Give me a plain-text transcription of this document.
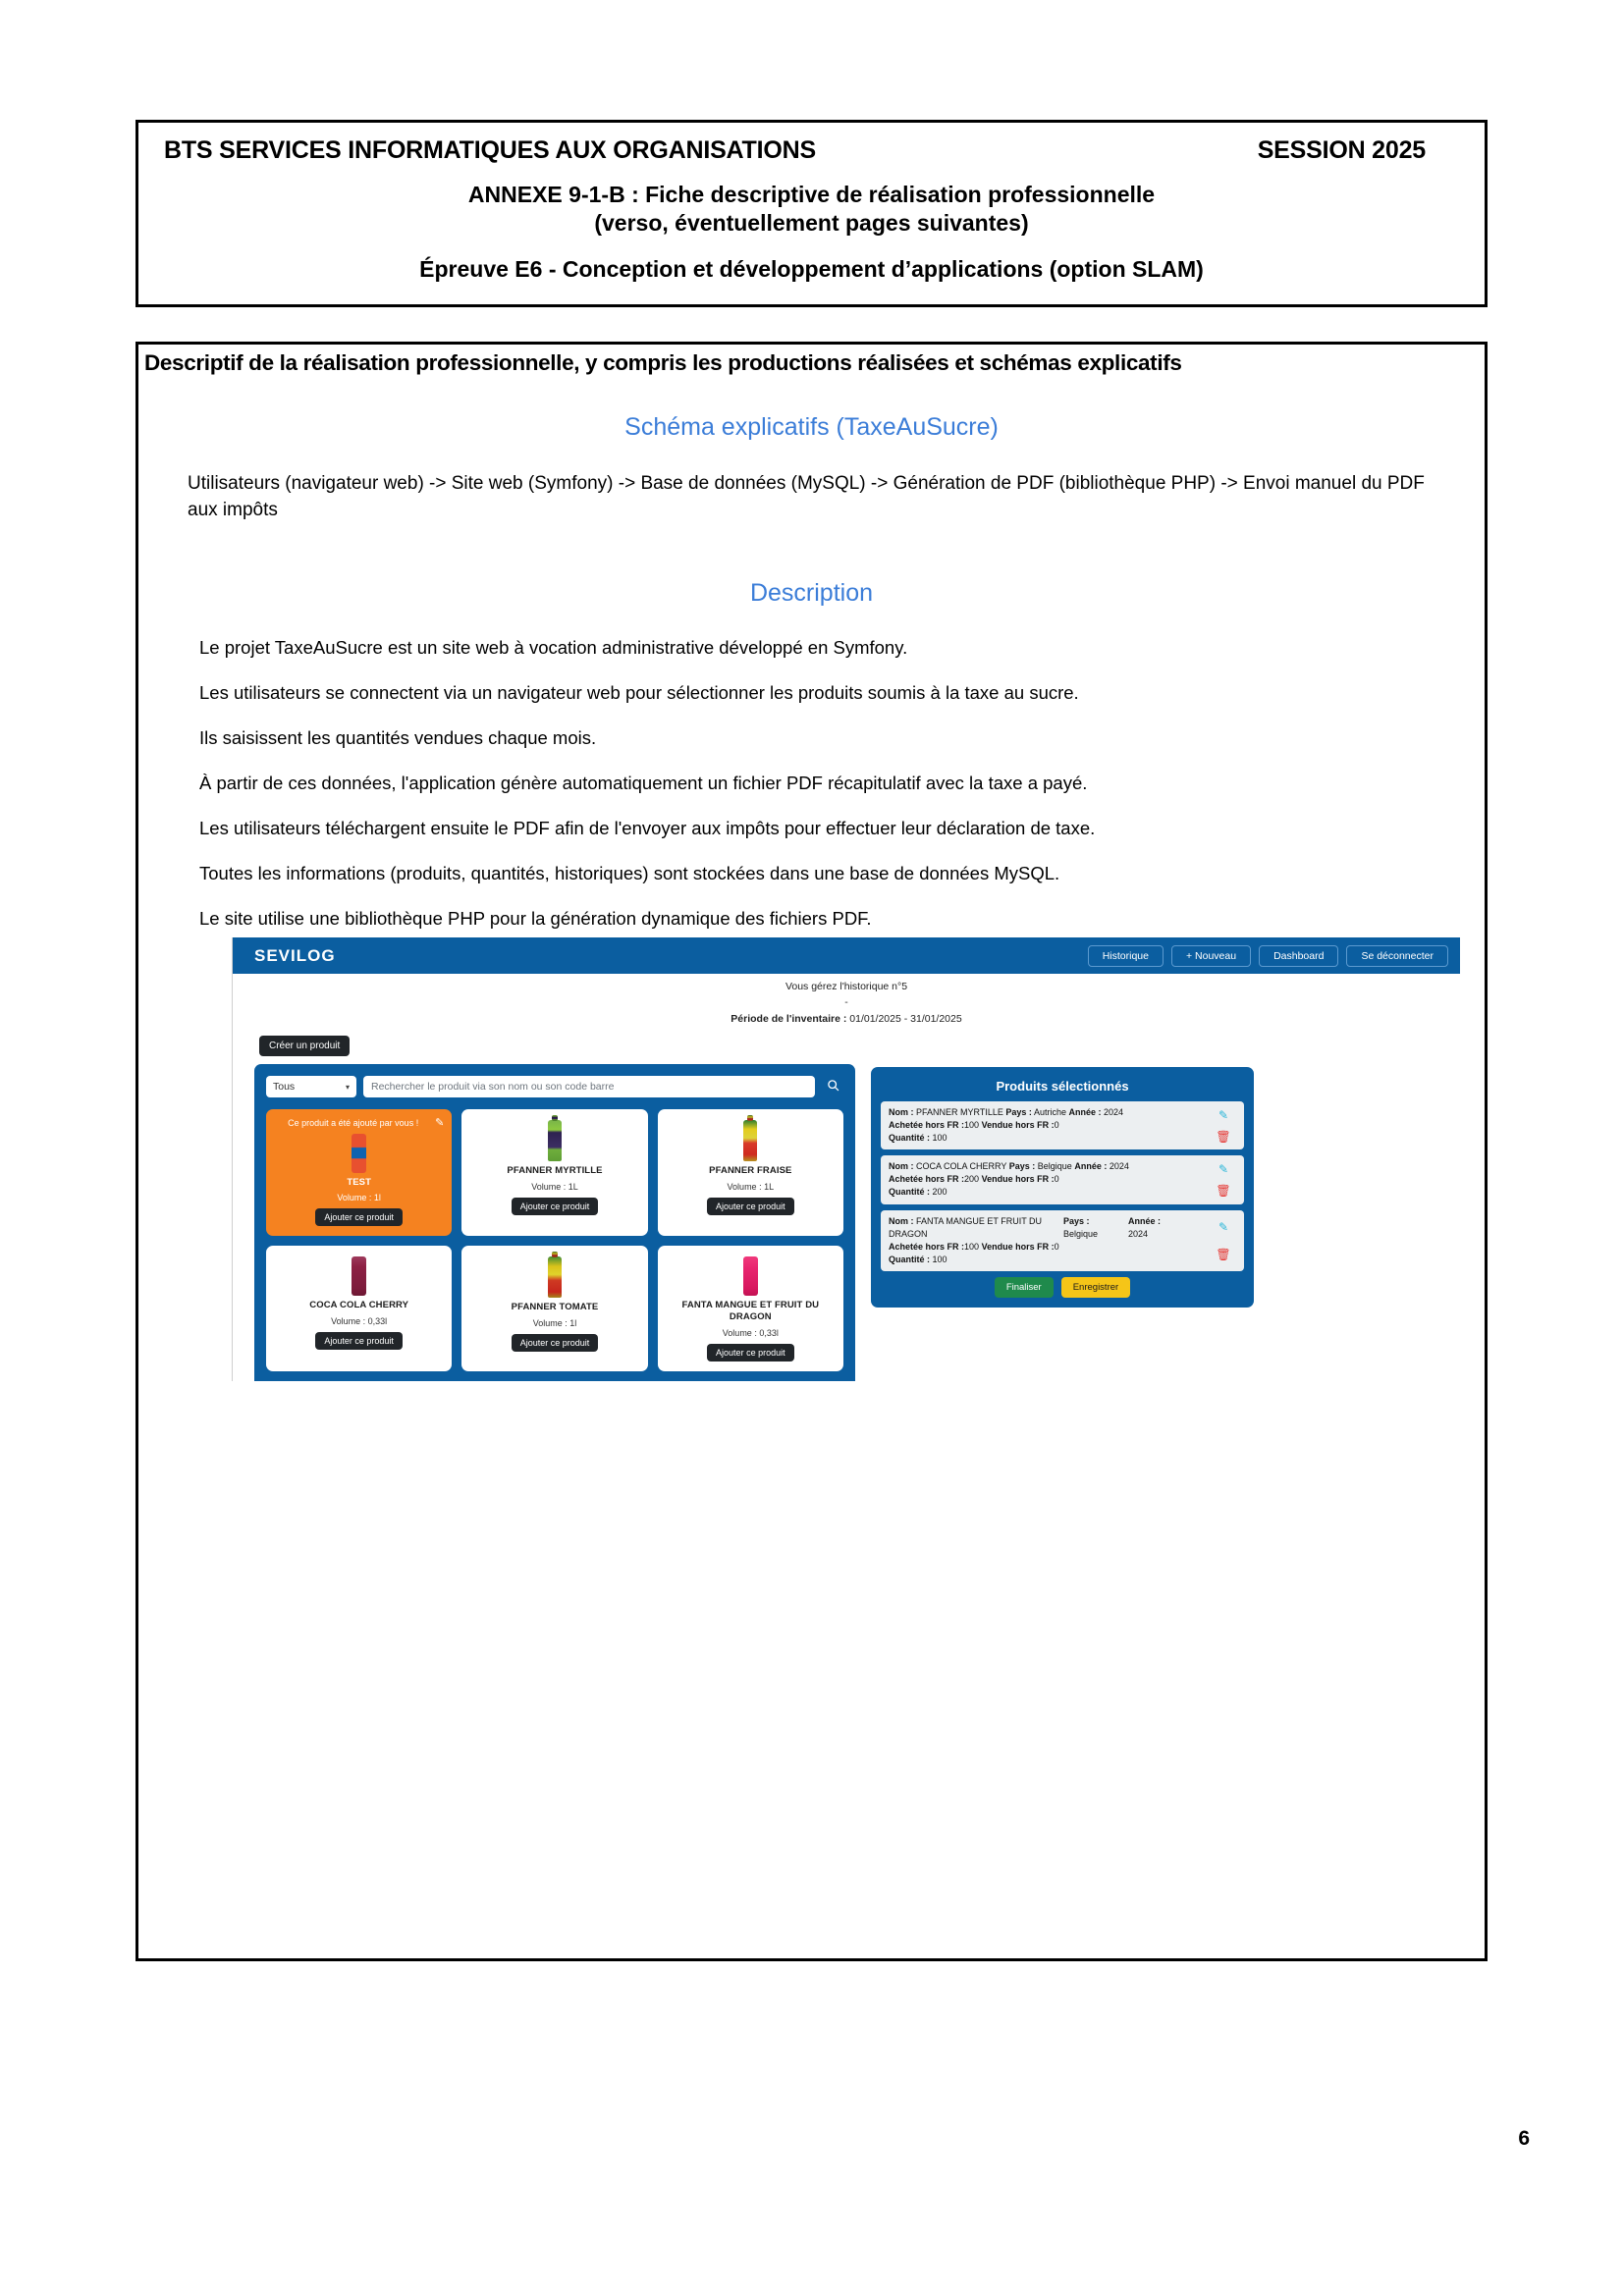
BTS SERVICES INFORMATIQUES AUX ORGANISATIONS	SESSION 2025
ANNEXE 9-1-B : Fiche descriptive de réalisation professionnelle
(verso, éventuellement pages suivantes)
Épreuve E6 - Conception et développement d’applications (option SLAM)
Descriptif de la réalisation professionnelle, y compris les productions réalisées et schémas explicatifs
Schéma explicatifs (TaxeAuSucre)
Utilisateurs (navigateur web) -> Site web (Symfony) -> Base de données (MySQL) -> Génération de PDF (bibliothèque PHP) -> Envoi manuel du PDF aux impôts
Description
Le projet TaxeAuSucre est un site web à vocation administrative développé en Symfony.
Les utilisateurs se connectent via un navigateur web pour sélectionner les produits soumis à la taxe au sucre.
Ils saisissent les quantités vendues chaque mois.
À partir de ces données, l'application génère automatiquement un fichier PDF récapitulatif avec la taxe a payé.
Les utilisateurs téléchargent ensuite le PDF afin de l'envoyer aux impôts pour effectuer leur déclaration de taxe.
Toutes les informations (produits, quantités, historiques) sont stockées dans une base de données MySQL.
Le site utilise une bibliothèque PHP pour la génération dynamique des fichiers PDF.
SEVILOG	Historique	+ Nouveau	Dashboard	Se déconnecter
Vous gérez l'historique n°5
-
Période de l'inventaire : 01/01/2025 - 31/01/2025
Créer un produit
Tous	▾	Rechercher le produit via son nom ou son code barre
✎
Ce produit a été ajouté par vous !
TEST
Volume : 1l
Ajouter ce produit
PFANNER MYRTILLE
Volume : 1L
Ajouter ce produit
PFANNER FRAISE
Volume : 1L
Ajouter ce produit
COCA COLA CHERRY
Volume : 0,33l
Ajouter ce produit
PFANNER TOMATE
Volume : 1l
Ajouter ce produit
FANTA MANGUE ET FRUIT DU DRAGON
Volume : 0,33l
Ajouter ce produit
Produits sélectionnés
Nom : PFANNER MYRTILLE Pays : Autriche Année : 2024
Achetée hors FR :100 Vendue hors FR :0
Quantité : 100
✎
🗑
Nom : COCA COLA CHERRY Pays : Belgique Année : 2024
Achetée hors FR :200 Vendue hors FR :0
Quantité : 200
✎
🗑
Nom : FANTA MANGUE ET FRUIT DU DRAGON
Pays :
Belgique
Année :
2024
Achetée hors FR :100 Vendue hors FR :0
Quantité : 100
✎
🗑
Finaliser	Enregistrer
6
